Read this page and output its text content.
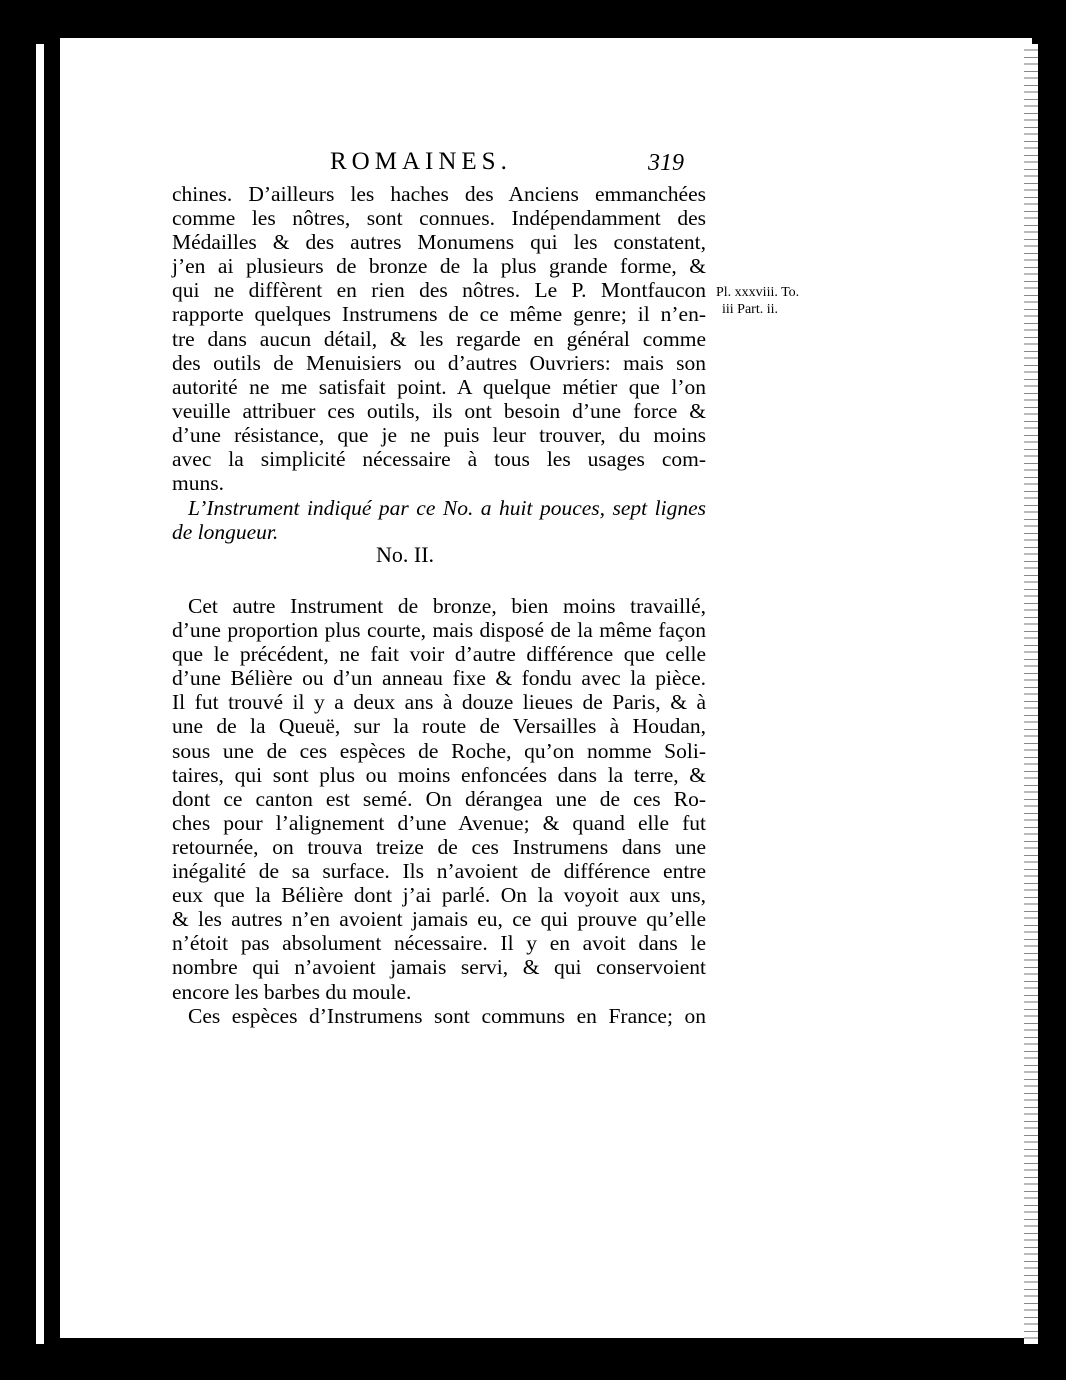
ROMAINES.	319
Pl. xxxviii. To.
iii Part. ii.
chines. D’ailleurs les haches des Anciens emmanchées
comme les nôtres, sont connues. Indépendamment des
Médailles & des autres Monumens qui les constatent,
j’en ai plusieurs de bronze de la plus grande forme, &
qui ne diffèrent en rien des nôtres. Le P. Montfaucon
rapporte quelques Instrumens de ce même genre; il n’en-
tre dans aucun détail, & les regarde en général comme
des outils de Menuisiers ou d’autres Ouvriers: mais son
autorité ne me satisfait point. A quelque métier que l’on
veuille attribuer ces outils, ils ont besoin d’une force &
d’une résistance, que je ne puis leur trouver, du moins
avec la simplicité nécessaire à tous les usages com-
muns.
L’Instrument indiqué par ce No. a huit pouces, sept lignes
de longueur.
No. II.
Cet autre Instrument de bronze, bien moins travaillé,
d’une proportion plus courte, mais disposé de la même façon
que le précédent, ne fait voir d’autre différence que celle
d’une Bélière ou d’un anneau fixe & fondu avec la pièce.
Il fut trouvé il y a deux ans à douze lieues de Paris, & à
une de la Queuë, sur la route de Versailles à Houdan,
sous une de ces espèces de Roche, qu’on nomme Soli-
taires, qui sont plus ou moins enfoncées dans la terre, &
dont ce canton est semé. On dérangea une de ces Ro-
ches pour l’alignement d’une Avenue; & quand elle fut
retournée, on trouva treize de ces Instrumens dans une
inégalité de sa surface. Ils n’avoient de différence entre
eux que la Bélière dont j’ai parlé. On la voyoit aux uns,
& les autres n’en avoient jamais eu, ce qui prouve qu’elle
n’étoit pas absolument nécessaire. Il y en avoit dans le
nombre qui n’avoient jamais servi, & qui conservoient
encore les barbes du moule.
Ces espèces d’Instrumens sont communs en France; on
